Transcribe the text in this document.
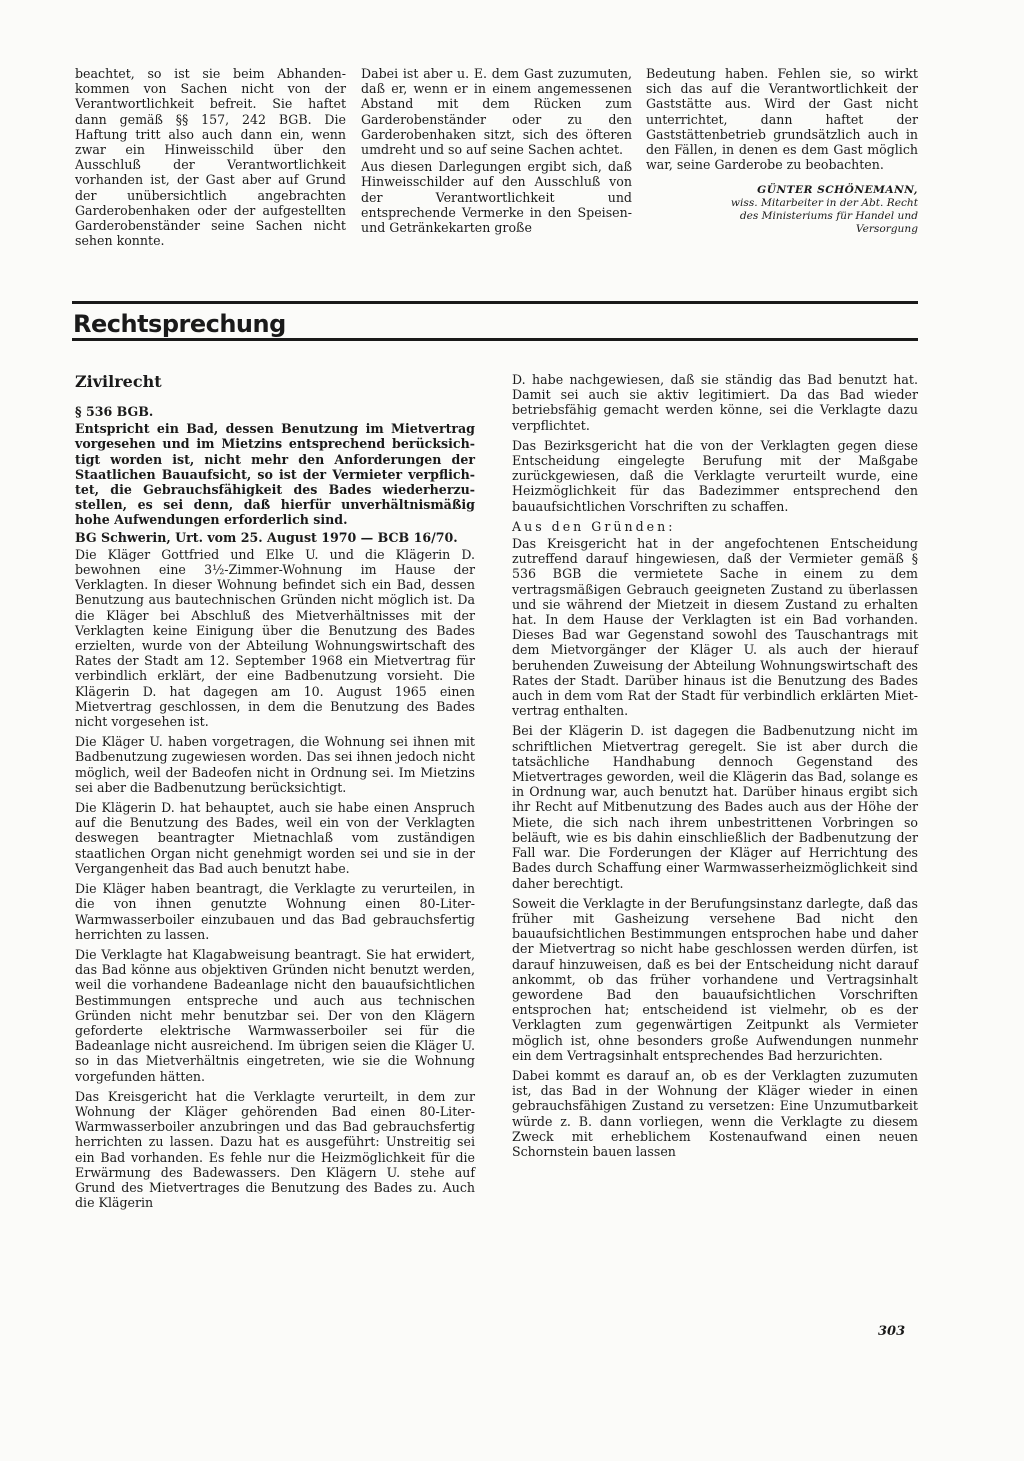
beachtet, so ist sie beim Abhandenkommen von Sachen nicht von der Verantwortlichkeit befreit. Sie haftet dann gemäß §§ 157, 242 BGB. Die Haftung tritt also auch dann ein, wenn zwar ein Hinweisschild über den Ausschluß der Verantwortlichkeit vorhanden ist, der Gast aber auf Grund der unübersichtlich angebrachten Garderobenhaken oder der aufgestellten Garderobenständer seine Sachen nicht sehen konnte.

Dabei ist aber u. E. dem Gast zuzumuten, daß er, wenn er in einem angemessenen Abstand mit dem Rücken zum Garderobenständer oder zu den Garderobenhaken sitzt, sich des öfteren umdreht und so auf seine Sachen achtet.

Aus diesen Darlegungen ergibt sich, daß Hinweisschilder auf den Ausschluß von der Verantwortlichkeit und entsprechende Vermerke in den Speisen- und Getränkekarten große

Bedeutung haben. Fehlen sie, so wirkt sich das auf die Verantwortlichkeit der Gaststätte aus. Wird der Gast nicht unterrichtet, dann haftet der Gaststättenbetrieb grundsätzlich auch in den Fällen, in denen es dem Gast möglich war, seine Garderobe zu beobachten.

GÜNTER SCHÖNEMANN,
wiss. Mitarbeiter in der Abt. Recht
des Ministeriums für Handel und
Versorgung
Rechtsprechung
Zivilrecht

§ 536 BGB.

Entspricht ein Bad, dessen Benutzung im Mietvertrag vorgesehen und im Mietzins entsprechend berücksichtigt worden ist, nicht mehr den Anforderungen der Staatlichen Bauaufsicht, so ist der Vermieter verpflichtet, die Gebrauchsfähigkeit des Bades wiederherzustellen, es sei denn, daß hierfür unverhältnismäßig hohe Aufwendungen erforderlich sind.

BG Schwerin, Urt. vom 25. August 1970 — BCB 16/70.

Die Kläger Gottfried und Elke U. und die Klägerin D. bewohnen eine 3½-Zimmer-Wohnung im Hause der Verklagten. In dieser Wohnung befindet sich ein Bad, dessen Benutzung aus bautechnischen Gründen nicht möglich ist. Da die Kläger bei Abschluß des Mietverhältnisses mit der Verklagten keine Einigung über die Benutzung des Bades erzielten, wurde von der Abteilung Wohnungswirtschaft des Rates der Stadt am 12. September 1968 ein Mietvertrag für verbindlich erklärt, der eine Badbenutzung vorsieht. Die Klägerin D. hat dagegen am 10. August 1965 einen Mietvertrag geschlossen, in dem die Benutzung des Bades nicht vorgesehen ist.

Die Kläger U. haben vorgetragen, die Wohnung sei ihnen mit Badbenutzung zugewiesen worden. Das sei ihnen jedoch nicht möglich, weil der Badeofen nicht in Ordnung sei. Im Mietzins sei aber die Badbenutzung berücksichtigt.

Die Klägerin D. hat behauptet, auch sie habe einen Anspruch auf die Benutzung des Bades, weil ein von der Verklagten deswegen beantragter Mietnachlaß vom zuständigen staatlichen Organ nicht genehmigt worden sei und sie in der Vergangenheit das Bad auch benutzt habe.

Die Kläger haben beantragt, die Verklagte zu verurteilen, in die von ihnen genutzte Wohnung einen 80-Liter-Warmwasserboiler einzubauen und das Bad gebrauchsfertig herrichten zu lassen.

Die Verklagte hat Klagabweisung beantragt. Sie hat erwidert, das Bad könne aus objektiven Gründen nicht benutzt werden, weil die vorhandene Badeanlage nicht den bauaufsichtlichen Bestimmungen entspreche und auch aus technischen Gründen nicht mehr benutzbar sei. Der von den Klägern geforderte elektrische Warmwasserboiler sei für die Badeanlage nicht ausreichend. Im übrigen seien die Kläger U. so in das Mietverhältnis eingetreten, wie sie die Wohnung vorgefunden hätten.

Das Kreisgericht hat die Verklagte verurteilt, in dem zur Wohnung der Kläger gehörenden Bad einen 80-Liter-Warmwasserboiler anzubringen und das Bad gebrauchsfertig herrichten zu lassen. Dazu hat es ausgeführt: Unstreitig sei ein Bad vorhanden. Es fehle nur die Heizmöglichkeit für die Erwärmung des Badewassers. Den Klägern U. stehe auf Grund des Mietvertrages die Benutzung des Bades zu. Auch die Klägerin

D. habe nachgewiesen, daß sie ständig das Bad benutzt hat. Damit sei auch sie aktiv legitimiert. Da das Bad wieder betriebsfähig gemacht werden könne, sei die Verklagte dazu verpflichtet.

Das Bezirksgericht hat die von der Verklagten gegen diese Entscheidung eingelegte Berufung mit der Maßgabe zurückgewiesen, daß die Verklagte verurteilt wurde, eine Heizmöglichkeit für das Badezimmer entsprechend den bauaufsichtlichen Vorschriften zu schaffen.

Aus den Gründen:

Das Kreisgericht hat in der angefochtenen Entscheidung zutreffend darauf hingewiesen, daß der Vermieter gemäß § 536 BGB die vermietete Sache in einem zu dem vertragsmäßigen Gebrauch geeigneten Zustand zu überlassen und sie während der Mietzeit in diesem Zustand zu erhalten hat. In dem Hause der Verklagten ist ein Bad vorhanden. Dieses Bad war Gegenstand sowohl des Tauschantrags mit dem Mietvorgänger der Kläger U. als auch der hierauf beruhenden Zuweisung der Abteilung Wohnungswirtschaft des Rates der Stadt. Darüber hinaus ist die Benutzung des Bades auch in dem vom Rat der Stadt für verbindlich erklärten Mietvertrag enthalten.

Bei der Klägerin D. ist dagegen die Badbenutzung nicht im schriftlichen Mietvertrag geregelt. Sie ist aber durch die tatsächliche Handhabung dennoch Gegenstand des Mietvertrages geworden, weil die Klägerin das Bad, solange es in Ordnung war, auch benutzt hat. Darüber hinaus ergibt sich ihr Recht auf Mitbenutzung des Bades auch aus der Höhe der Miete, die sich nach ihrem unbestrittenen Vorbringen so beläuft, wie es bis dahin einschließlich der Badbenutzung der Fall war. Die Forderungen der Kläger auf Herrichtung des Bades durch Schaffung einer Warmwasserheizmöglichkeit sind daher berechtigt.

Soweit die Verklagte in der Berufungsinstanz darlegte, daß das früher mit Gasheizung versehene Bad nicht den bauaufsichtlichen Bestimmungen entsprochen habe und daher der Mietvertrag so nicht habe geschlossen werden dürfen, ist darauf hinzuweisen, daß es bei der Entscheidung nicht darauf ankommt, ob das früher vorhandene und Vertragsinhalt gewordene Bad den bauaufsichtlichen Vorschriften entsprochen hat; entscheidend ist vielmehr, ob es der Verklagten zum gegenwärtigen Zeitpunkt als Vermieter möglich ist, ohne besonders große Aufwendungen nunmehr ein dem Vertragsinhalt entsprechendes Bad herzurichten.

Dabei kommt es darauf an, ob es der Verklagten zuzumuten ist, das Bad in der Wohnung der Kläger wieder in einen gebrauchsfähigen Zustand zu versetzen: Eine Unzumutbarkeit würde z. B. dann vorliegen, wenn die Verklagte zu diesem Zweck mit erheblichem Kostenaufwand einen neuen Schornstein bauen lassen

303
